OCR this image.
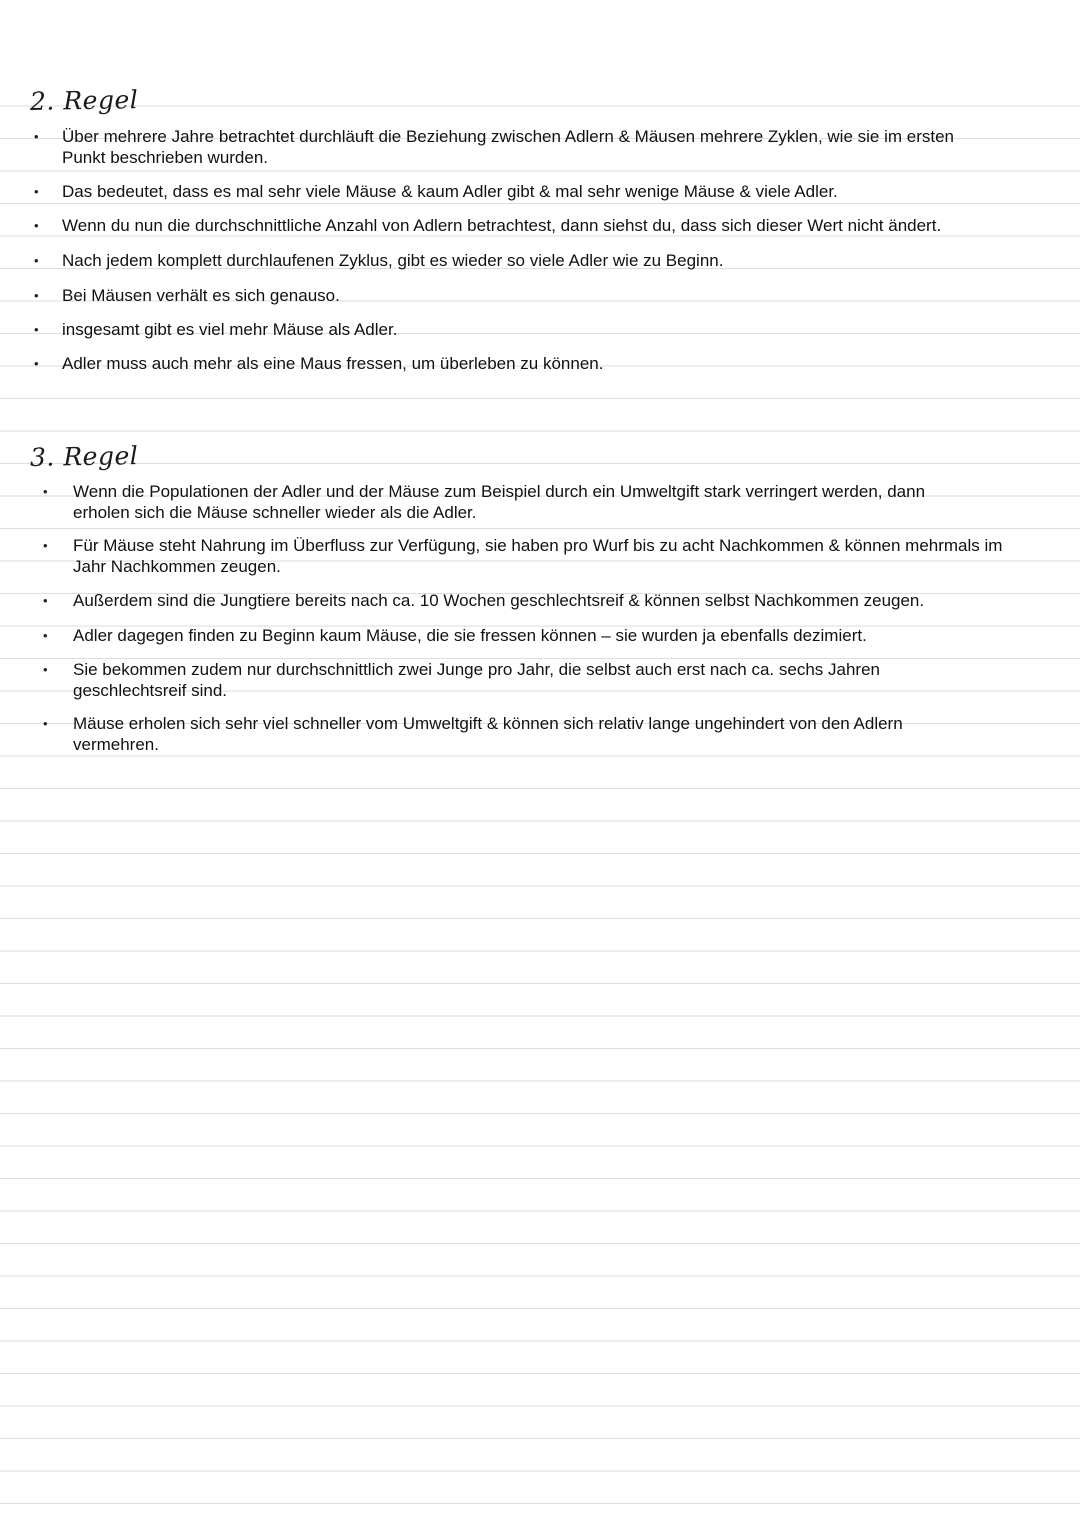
2. Regel
• Über mehrere Jahre betrachtet durchläuft die Beziehung zwischen Adlern & Mäusen mehrere Zyklen, wie sie im ersten Punkt beschrieben wurden.
• Das bedeutet, dass es mal sehr viele Mäuse & kaum Adler gibt & mal sehr wenige Mäuse & viele Adler.
• Wenn du nun die durchschnittliche Anzahl von Adlern betrachtest, dann siehst du, dass sich dieser Wert nicht ändert.
• Nach jedem komplett durchlaufenen Zyklus, gibt es wieder so viele Adler wie zu Beginn.
• Bei Mäusen verhält es sich genauso.
• insgesamt gibt es viel mehr Mäuse als Adler.
• Adler muss auch mehr als eine Maus fressen, um überleben zu können.
3. Regel
• Wenn die Populationen der Adler und der Mäuse zum Beispiel durch ein Umweltgift stark verringert werden, dann erholen sich die Mäuse schneller wieder als die Adler.
• Für Mäuse steht Nahrung im Überfluss zur Verfügung, sie haben pro Wurf bis zu acht Nachkommen & können mehrmals im Jahr Nachkommen zeugen.
• Außerdem sind die Jungtiere bereits nach ca. 10 Wochen geschlechtsreif & können selbst Nachkommen zeugen.
• Adler dagegen finden zu Beginn kaum Mäuse, die sie fressen können – sie wurden ja ebenfalls dezimiert.
• Sie bekommen zudem nur durchschnittlich zwei Junge pro Jahr, die selbst auch erst nach ca. sechs Jahren geschlechtsreif sind.
• Mäuse erholen sich sehr viel schneller vom Umweltgift & können sich relativ lange ungehindert von den Adlern vermehren.
